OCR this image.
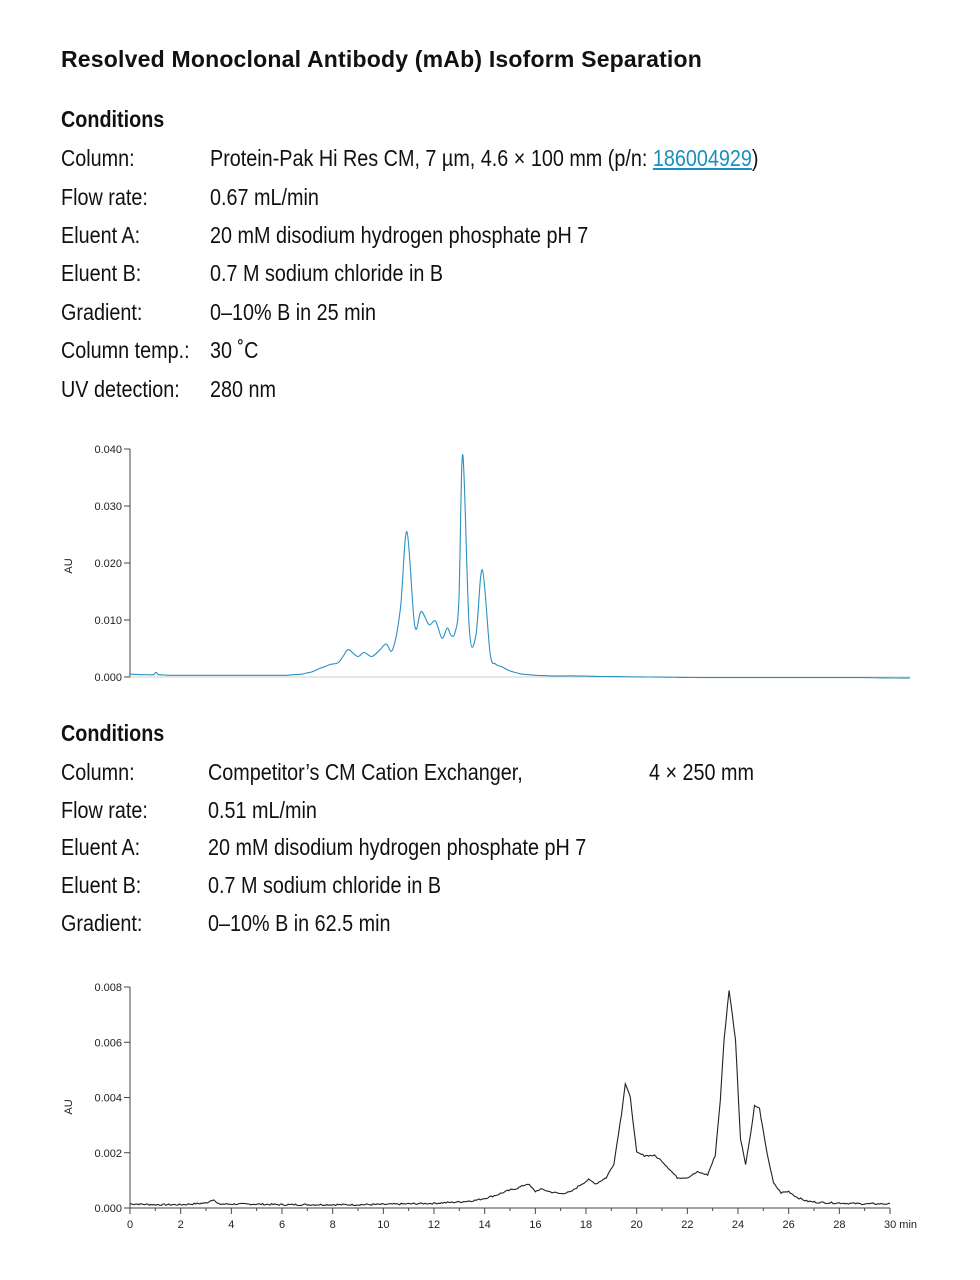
Resolved Monoclonal Antibody (mAb) Isoform Separation
Conditions
Column:	Protein-Pak Hi Res CM, 7 µm, 4.6 × 100 mm (p/n: 186004929)
Flow rate:	0.67 mL/min
Eluent A:	20 mM disodium hydrogen phosphate pH 7
Eluent B:	0.7 M sodium chloride in B
Gradient:	0–10% B in 25 min
Column temp.: 30 ˚C
UV detection: 280 nm
AU
0.000
0.010
0.020
0.030
0.040
Conditions
Column:	Competitor’s CM Cation Exchanger,	4 × 250 mm
Flow rate:	0.51 mL/min
Eluent A:	20 mM disodium hydrogen phosphate pH 7
Eluent B:	0.7 M sodium chloride in B
Gradient:	0–10% B in 62.5 min
AU
0.000
0.002
0.004
0.006
0.008
0	2	4	6	8	10	12	14	16	18	20	22	24	26	28	30 min
